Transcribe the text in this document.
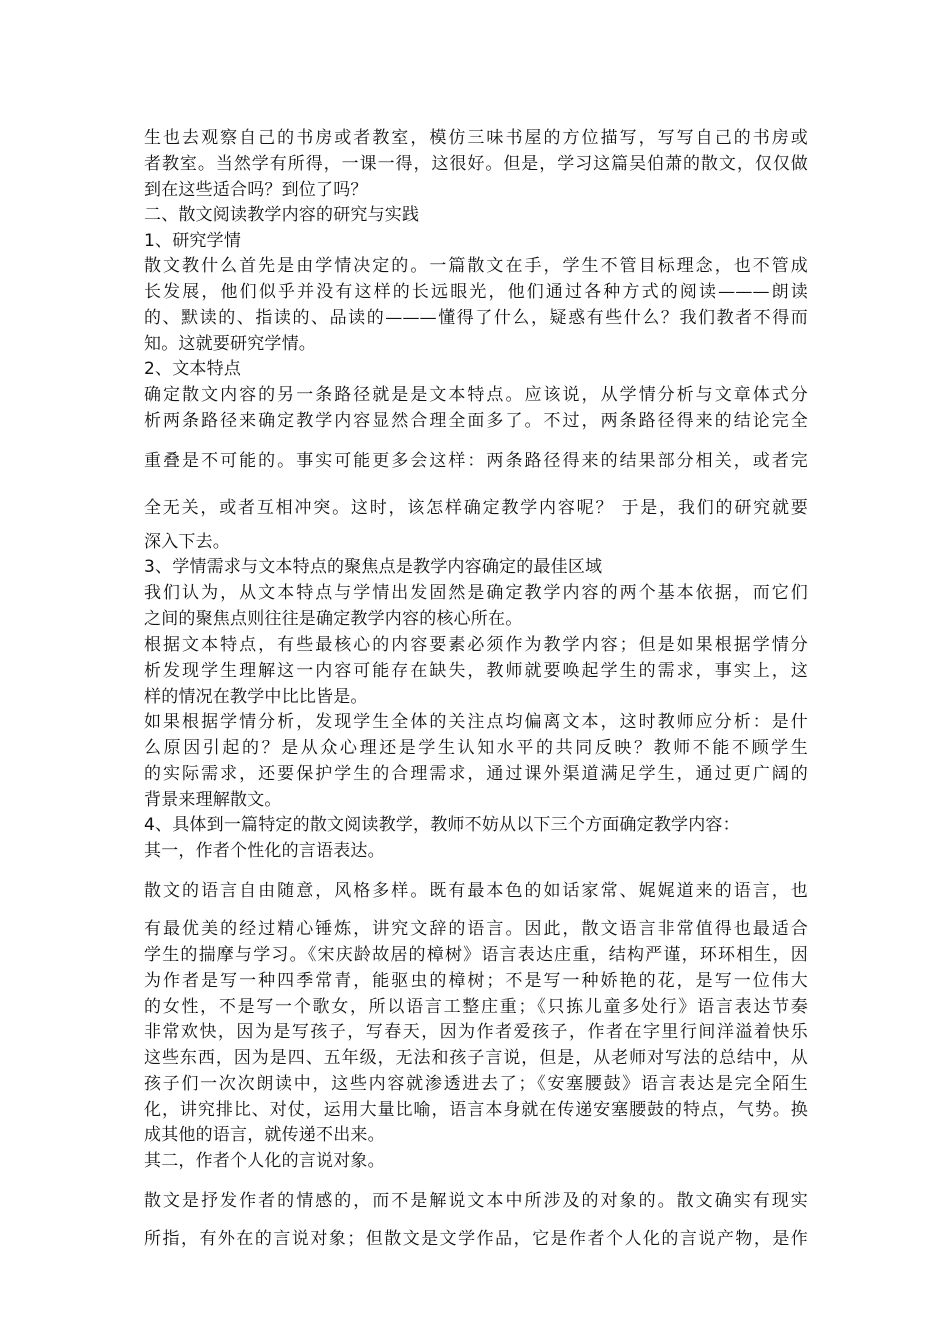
生也去观察自己的书房或者教室，模仿三味书屋的方位描写，写写自己的书房或
者教室。当然学有所得，一课一得，这很好。但是，学习这篇吴伯萧的散文，仅仅做
到在这些适合吗？到位了吗？
二、散文阅读教学内容的研究与实践
1、研究学情
散文教什么首先是由学情决定的。一篇散文在手，学生不管目标理念，也不管成
长发展，他们似乎并没有这样的长远眼光，他们通过各种方式的阅读———朗读
的、默读的、指读的、品读的———懂得了什么，疑惑有些什么？我们教者不得而
知。这就要研究学情。
2、文本特点
确定散文内容的另一条路径就是是文本特点。应该说，从学情分析与文章体式分
析两条路径来确定教学内容显然合理全面多了。不过，两条路径得来的结论完全
重叠是不可能的。事实可能更多会这样：两条路径得来的结果部分相关，或者完
全无关，或者互相冲突。这时，该怎样确定教学内容呢？ 于是，我们的研究就要
深入下去。
3、学情需求与文本特点的聚焦点是教学内容确定的最佳区域
我们认为，从文本特点与学情出发固然是确定教学内容的两个基本依据，而它们
之间的聚焦点则往往是确定教学内容的核心所在。
根据文本特点，有些最核心的内容要素必须作为教学内容；但是如果根据学情分
析发现学生理解这一内容可能存在缺失，教师就要唤起学生的需求，事实上，这
样的情况在教学中比比皆是。
如果根据学情分析，发现学生全体的关注点均偏离文本，这时教师应分析：是什
么原因引起的？是从众心理还是学生认知水平的共同反映？教师不能不顾学生
的实际需求，还要保护学生的合理需求，通过课外渠道满足学生，通过更广阔的
背景来理解散文。
4、具体到一篇特定的散文阅读教学，教师不妨从以下三个方面确定教学内容：
其一，作者个性化的言语表达。
散文的语言自由随意，风格多样。既有最本色的如话家常、娓娓道来的语言，也
有最优美的经过精心锤炼，讲究文辞的语言。因此，散文语言非常值得也最适合
学生的揣摩与学习。《宋庆龄故居的樟树》语言表达庄重，结构严谨，环环相生，因
为作者是写一种四季常青，能驱虫的樟树；不是写一种娇艳的花，是写一位伟大
的女性，不是写一个歌女，所以语言工整庄重；《只拣儿童多处行》语言表达节奏
非常欢快，因为是写孩子，写春天，因为作者爱孩子，作者在字里行间洋溢着快乐
这些东西，因为是四、五年级，无法和孩子言说，但是，从老师对写法的总结中，从
孩子们一次次朗读中，这些内容就渗透进去了；《安塞腰鼓》语言表达是完全陌生
化，讲究排比、对仗，运用大量比喻，语言本身就在传递安塞腰鼓的特点，气势。换
成其他的语言，就传递不出来。
其二，作者个人化的言说对象。
散文是抒发作者的情感的，而不是解说文本中所涉及的对象的。散文确实有现实
所指，有外在的言说对象；但散文是文学作品，它是作者个人化的言说产物，是作
